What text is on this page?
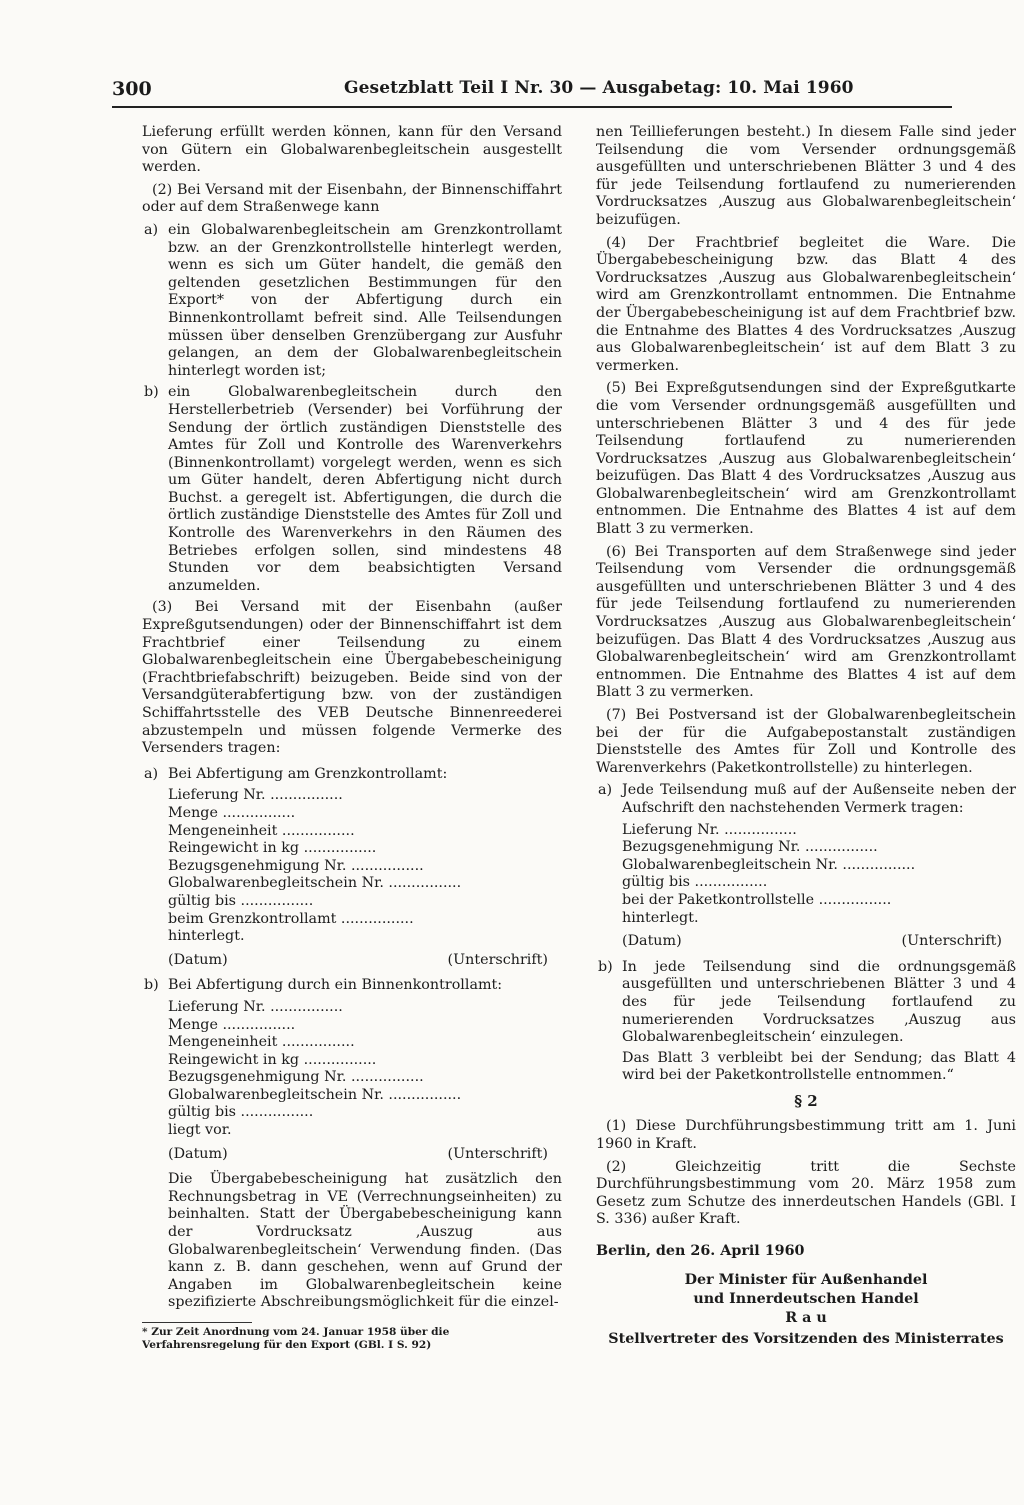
300	Gesetzblatt Teil I Nr. 30 — Ausgabetag: 10. Mai 1960

Lieferung erfüllt werden können, kann für den Versand von Gütern ein Globalwarenbegleitschein ausgestellt werden.

(2) Bei Versand mit der Eisenbahn, der Binnenschiffahrt oder auf dem Straßenwege kann

a) ein Globalwarenbegleitschein am Grenzkontrollamt bzw. an der Grenzkontrollstelle hinterlegt werden, wenn es sich um Güter handelt, die gemäß den geltenden gesetzlichen Bestimmungen für den Export* von der Abfertigung durch ein Binnenkontrollamt befreit sind. Alle Teilsendungen müssen über denselben Grenzübergang zur Ausfuhr gelangen, an dem der Globalwarenbegleitschein hinterlegt worden ist;
b) ein Globalwarenbegleitschein durch den Herstellerbetrieb (Versender) bei Vorführung der Sendung der örtlich zuständigen Dienststelle des Amtes für Zoll und Kontrolle des Warenverkehrs (Binnenkontrollamt) vorgelegt werden, wenn es sich um Güter handelt, deren Abfertigung nicht durch Buchst. a geregelt ist. Abfertigungen, die durch die örtlich zuständige Dienststelle des Amtes für Zoll und Kontrolle des Warenverkehrs in den Räumen des Betriebes erfolgen sollen, sind mindestens 48 Stunden vor dem beabsichtigten Versand anzumelden.

(3) Bei Versand mit der Eisenbahn (außer Expreßgutsendungen) oder der Binnenschiffahrt ist dem Frachtbrief einer Teilsendung zu einem Globalwarenbegleitschein eine Übergabebescheinigung (Frachtbriefabschrift) beizugeben. Beide sind von der Versandgüterabfertigung bzw. von der zuständigen Schiffahrtsstelle des VEB Deutsche Binnenreederei abzustempeln und müssen folgende Vermerke des Versenders tragen:

a) Bei Abfertigung am Grenzkontrollamt:
Lieferung Nr. ................
Menge ................
Mengeneinheit ................
Reingewicht in kg ................
Bezugsgenehmigung Nr. ................
Globalwarenbegleitschein Nr. ................
gültig bis ................
beim Grenzkontrollamt ................
hinterlegt.
(Datum)	(Unterschrift)
b) Bei Abfertigung durch ein Binnenkontrollamt:
Lieferung Nr. ................
Menge ................
Mengeneinheit ................
Reingewicht in kg ................
Bezugsgenehmigung Nr. ................
Globalwarenbegleitschein Nr. ................
gültig bis ................
liegt vor.
(Datum)	(Unterschrift)

Die Übergabebescheinigung hat zusätzlich den Rechnungsbetrag in VE (Verrechnungseinheiten) zu beinhalten. Statt der Übergabebescheinigung kann der Vordrucksatz ‚Auszug aus Globalwarenbegleitschein‘ Verwendung finden. (Das kann z. B. dann geschehen, wenn auf Grund der Angaben im Globalwarenbegleitschein keine spezifizierte Abschreibungsmöglichkeit für die einzel-

nen Teillieferungen besteht.) In diesem Falle sind jeder Teilsendung die vom Versender ordnungsgemäß ausgefüllten und unterschriebenen Blätter 3 und 4 des für jede Teilsendung fortlaufend zu numerierenden Vordrucksatzes ‚Auszug aus Globalwarenbegleitschein‘ beizufügen.

(4) Der Frachtbrief begleitet die Ware. Die Übergabebescheinigung bzw. das Blatt 4 des Vordrucksatzes ‚Auszug aus Globalwarenbegleitschein‘ wird am Grenzkontrollamt entnommen. Die Entnahme der Übergabebescheinigung ist auf dem Frachtbrief bzw. die Entnahme des Blattes 4 des Vordrucksatzes ‚Auszug aus Globalwarenbegleitschein‘ ist auf dem Blatt 3 zu vermerken.

(5) Bei Expreßgutsendungen sind der Expreßgutkarte die vom Versender ordnungsgemäß ausgefüllten und unterschriebenen Blätter 3 und 4 des für jede Teilsendung fortlaufend zu numerierenden Vordrucksatzes ‚Auszug aus Globalwarenbegleitschein‘ beizufügen. Das Blatt 4 des Vordrucksatzes ‚Auszug aus Globalwarenbegleitschein‘ wird am Grenzkontrollamt entnommen. Die Entnahme des Blattes 4 ist auf dem Blatt 3 zu vermerken.

(6) Bei Transporten auf dem Straßenwege sind jeder Teilsendung vom Versender die ordnungsgemäß ausgefüllten und unterschriebenen Blätter 3 und 4 des für jede Teilsendung fortlaufend zu numerierenden Vordrucksatzes ‚Auszug aus Globalwarenbegleitschein‘ beizufügen. Das Blatt 4 des Vordrucksatzes ‚Auszug aus Globalwarenbegleitschein‘ wird am Grenzkontrollamt entnommen. Die Entnahme des Blattes 4 ist auf dem Blatt 3 zu vermerken.

(7) Bei Postversand ist der Globalwarenbegleitschein bei der für die Aufgabepostanstalt zuständigen Dienststelle des Amtes für Zoll und Kontrolle des Warenverkehrs (Paketkontrollstelle) zu hinterlegen.

a) Jede Teilsendung muß auf der Außenseite neben der Aufschrift den nachstehenden Vermerk tragen:
Lieferung Nr. ................
Bezugsgenehmigung Nr. ................
Globalwarenbegleitschein Nr. ................
gültig bis ................
bei der Paketkontrollstelle ................
hinterlegt.
(Datum)	(Unterschrift)
b) In jede Teilsendung sind die ordnungsgemäß ausgefüllten und unterschriebenen Blätter 3 und 4 des für jede Teilsendung fortlaufend zu numerierenden Vordrucksatzes ‚Auszug aus Globalwarenbegleitschein‘ einzulegen.
Das Blatt 3 verbleibt bei der Sendung; das Blatt 4 wird bei der Paketkontrollstelle entnommen.“
§ 2

(1) Diese Durchführungsbestimmung tritt am 1. Juni 1960 in Kraft.

(2) Gleichzeitig tritt die Sechste Durchführungsbestimmung vom 20. März 1958 zum Gesetz zum Schutze des innerdeutschen Handels (GBl. I S. 336) außer Kraft.

Berlin, den 26. April 1960
Der Minister für Außenhandel
und Innerdeutschen Handel
R a u
Stellvertreter des Vorsitzenden des Ministerrates
* Zur Zeit Anordnung vom 24. Januar 1958 über die Verfahrensregelung für den Export (GBl. I S. 92)
